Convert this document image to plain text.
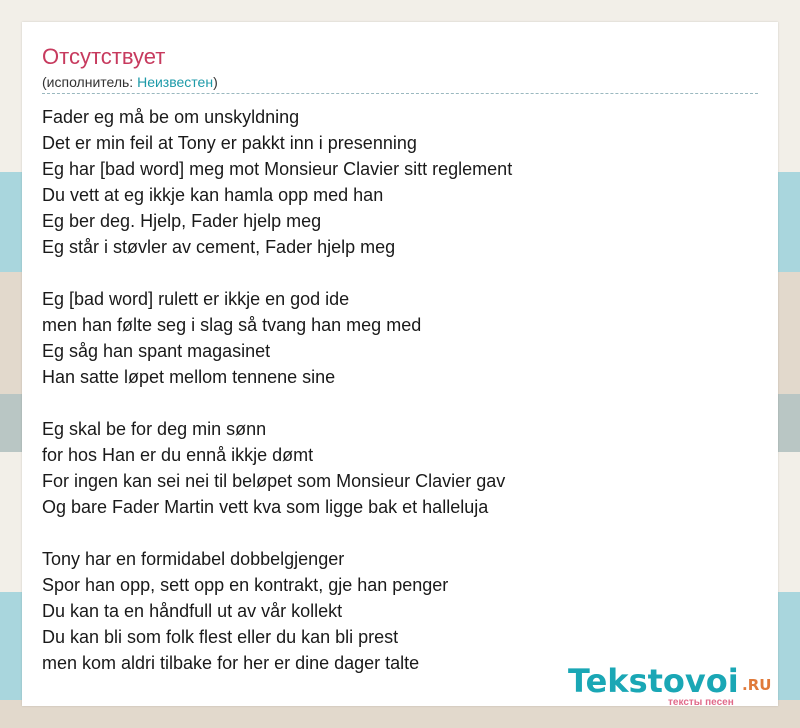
Отсутствует
(исполнитель: Неизвестен)
Fader eg må be om unskyldning
Det er min feil at Tony er pakkt inn i presenning
Eg har [bad word] meg mot Monsieur Clavier sitt reglement
Du vett at eg ikkje kan hamla opp med han
Eg ber deg. Hjelp, Fader hjelp meg
Eg står i støvler av cement, Fader hjelp meg
Eg [bad word] rulett er ikkje en god ide
men han følte seg i slag så tvang han meg med
Eg såg han spant magasinet
Han satte løpet mellom tennene sine
Eg skal be for deg min sønn
for hos Han er du ennå ikkje dømt
For ingen kan sei nei til beløpet som Monsieur Clavier gav
Og bare Fader Martin vett kva som ligge bak et halleluja
Tony har en formidabel dobbelgjenger
Spor han opp, sett opp en kontrakt, gje han penger
Du kan ta en håndfull ut av vår kollekt
Du kan bli som folk flest eller du kan bli prest
men kom aldri tilbake for her er dine dager talte	Tekstovoi .RU
тексты песен
